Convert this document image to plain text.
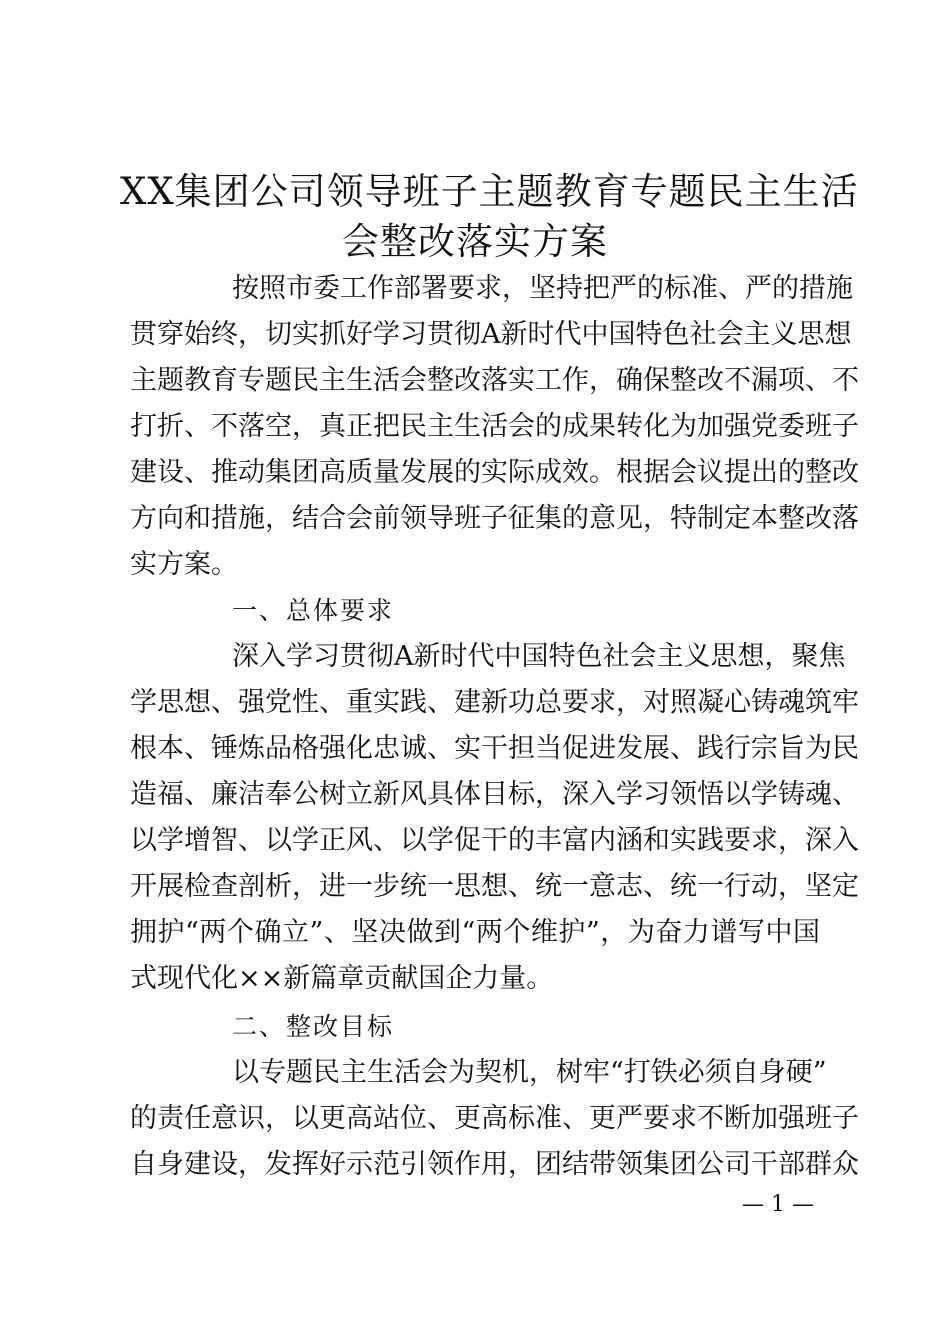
XX集团公司领导班子主题教育专题民主生活
会整改落实方案
按照市委工作部署要求，坚持把严的标准、严的措施
贯穿始终，切实抓好学习贯彻A新时代中国特色社会主义思想
主题教育专题民主生活会整改落实工作，确保整改不漏项、不
打折、不落空，真正把民主生活会的成果转化为加强党委班子
建设、推动集团高质量发展的实际成效。根据会议提出的整改
方向和措施，结合会前领导班子征集的意见，特制定本整改落
实方案。
一、总体要求
深入学习贯彻A新时代中国特色社会主义思想，聚焦
学思想、强党性、重实践、建新功总要求，对照凝心铸魂筑牢
根本、锤炼品格强化忠诚、实干担当促进发展、践行宗旨为民
造福、廉洁奉公树立新风具体目标，深入学习领悟以学铸魂、
以学增智、以学正风、以学促干的丰富内涵和实践要求，深入
开展检查剖析，进一步统一思想、统一意志、统一行动，坚定
拥护“两个确立”、坚决做到“两个维护”，为奋力谱写中国
式现代化××新篇章贡献国企力量。
二、整改目标
以专题民主生活会为契机，树牢“打铁必须自身硬”
的责任意识，以更高站位、更高标准、更严要求不断加强班子
自身建设，发挥好示范引领作用，团结带领集团公司干部群众
— 1 —
